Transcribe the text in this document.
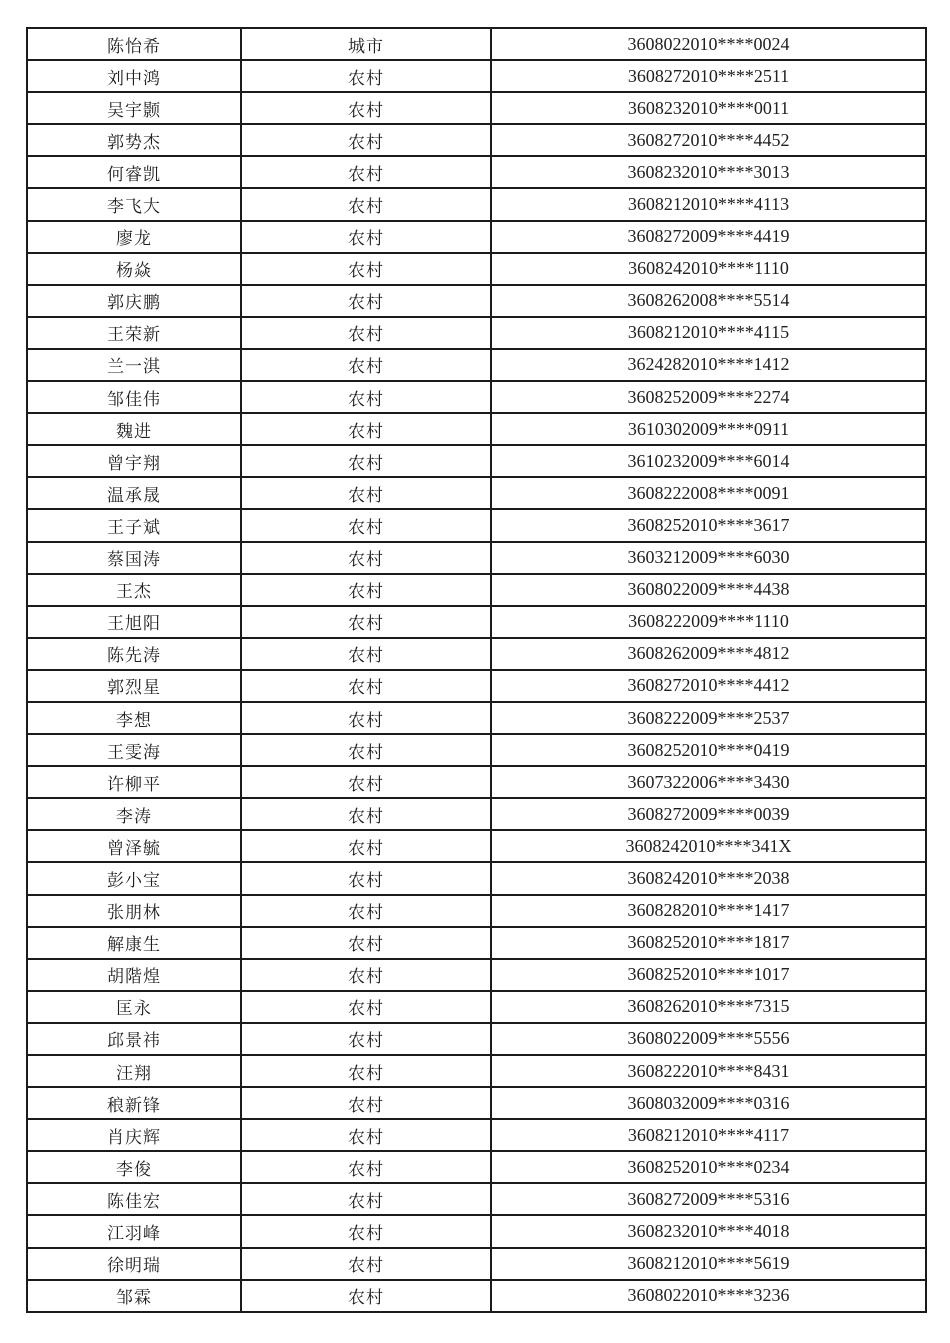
陈怡希	城市	3608022010****0024
刘中鸿	农村	3608272010****2511
吴宇颢	农村	3608232010****0011
郭势杰	农村	3608272010****4452
何睿凯	农村	3608232010****3013
李飞大	农村	3608212010****4113
廖龙	农村	3608272009****4419
杨焱	农村	3608242010****1110
郭庆鹏	农村	3608262008****5514
王荣新	农村	3608212010****4115
兰一淇	农村	3624282010****1412
邹佳伟	农村	3608252009****2274
魏进	农村	3610302009****0911
曾宇翔	农村	3610232009****6014
温承晟	农村	3608222008****0091
王子斌	农村	3608252010****3617
蔡国涛	农村	3603212009****6030
王杰	农村	3608022009****4438
王旭阳	农村	3608222009****1110
陈先涛	农村	3608262009****4812
郭烈星	农村	3608272010****4412
李想	农村	3608222009****2537
王雯海	农村	3608252010****0419
许柳平	农村	3607322006****3430
李涛	农村	3608272009****0039
曾泽毓	农村	3608242010****341X
彭小宝	农村	3608242010****2038
张朋林	农村	3608282010****1417
解康生	农村	3608252010****1817
胡階煌	农村	3608252010****1017
匡永	农村	3608262010****7315
邱景祎	农村	3608022009****5556
汪翔	农村	3608222010****8431
稂新锋	农村	3608032009****0316
肖庆辉	农村	3608212010****4117
李俊	农村	3608252010****0234
陈佳宏	农村	3608272009****5316
江羽峰	农村	3608232010****4018
徐明瑞	农村	3608212010****5619
邹霖	农村	3608022010****3236
